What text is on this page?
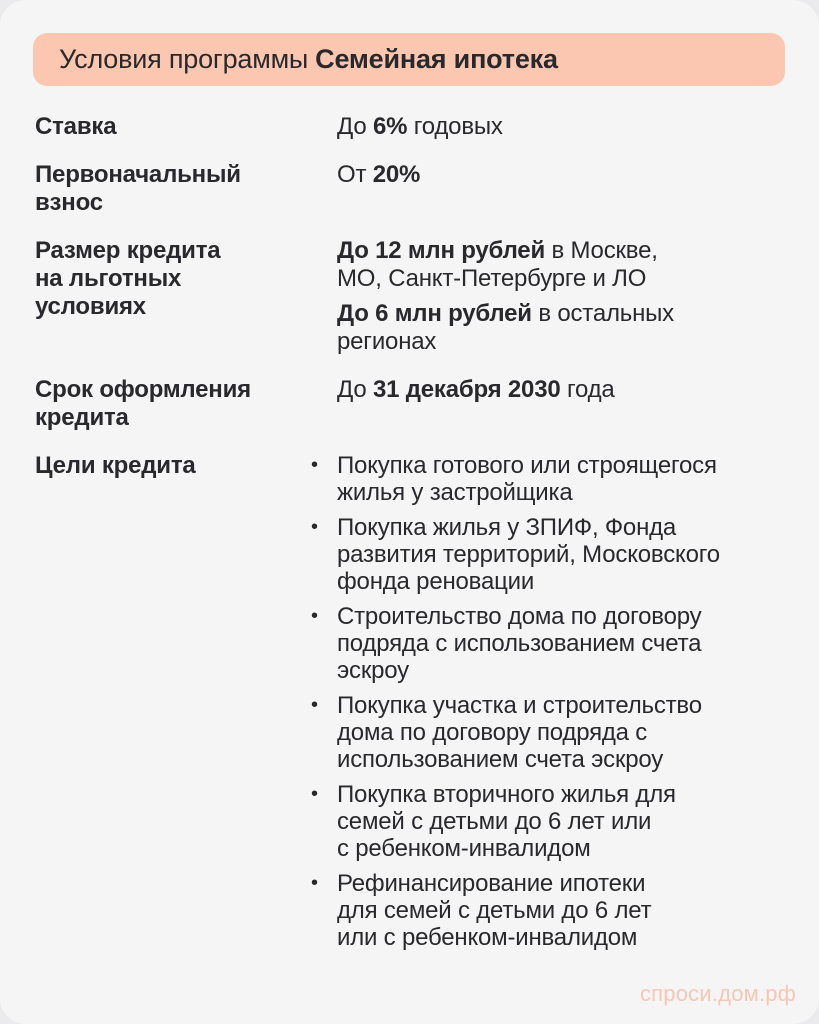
Условия программы Семейная ипотека
Ставка	До 6% годовых

Первоначальный
взнос

От 20%

Размер кредита
на льготных
условиях

До 12 млн рублей в Москве,
МО, Санкт-Петербурге и ЛО

До 6 млн рублей в остальных
регионах

Срок оформления
кредита

До 31 декабря 2030 года

Цели кредита	• Покупка готового или строящегося
жилья у застройщика
• Покупка жилья у ЗПИФ, Фонда
развития территорий, Московского
фонда реновации
• Строительство дома по договору
подряда с использованием счета
эскроу
• Покупка участка и строительство
дома по договору подряда с
использованием счета эскроу
• Покупка вторичного жилья для
семей с детьми до 6 лет или
с ребенком-инвалидом
• Рефинансирование ипотеки
для семей с детьми до 6 лет
или с ребенком-инвалидом
спроси.дом.рф
